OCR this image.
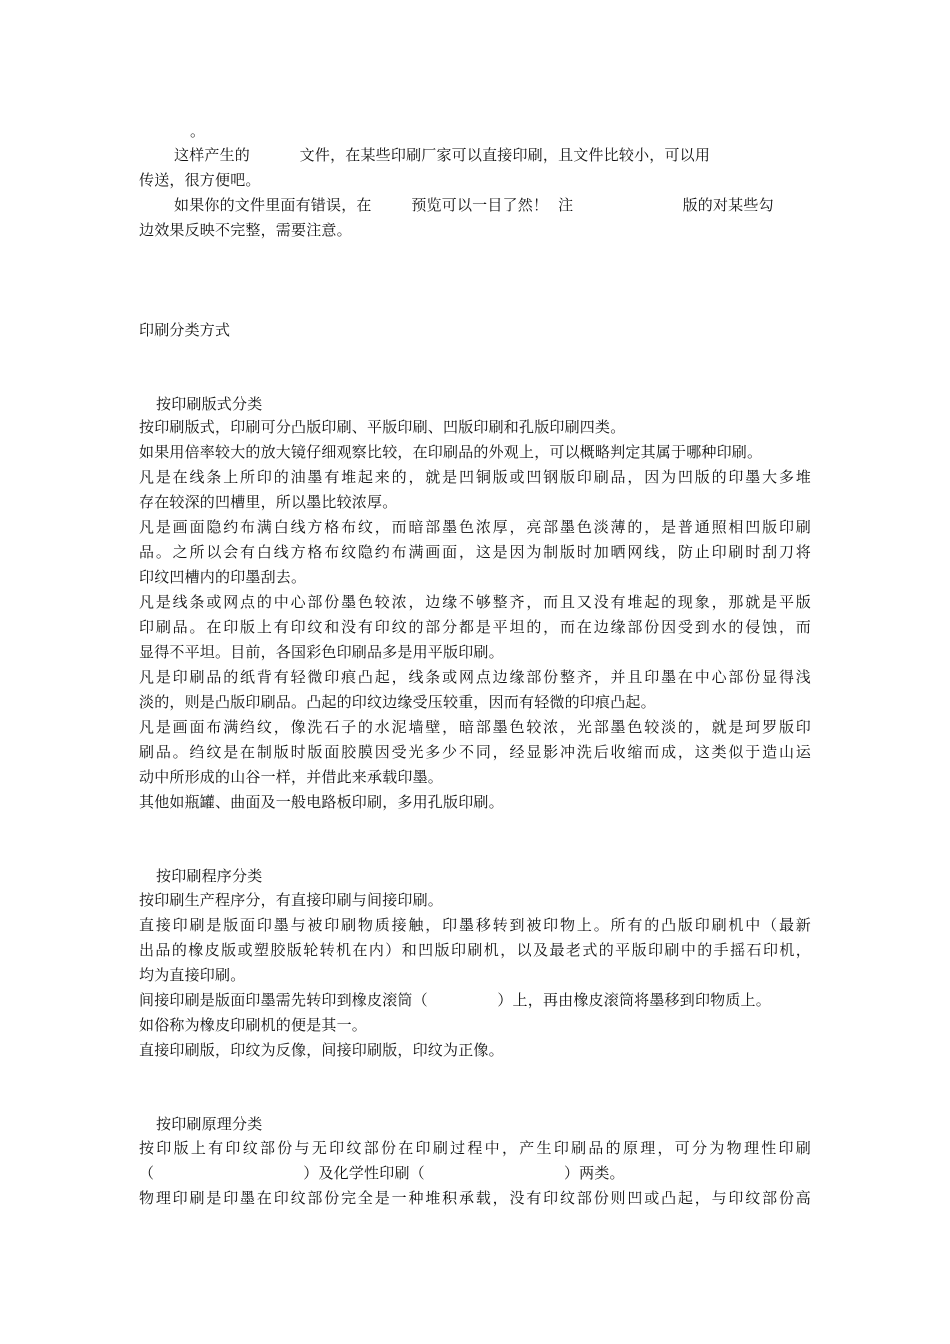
。
这样产生的          文件，在某些印刷厂家可以直接印刷，且文件比较小，可以用
传送，很方便吧。
如果你的文件里面有错误，在        预览可以一目了然！  注                      版的对某些勾
边效果反映不完整，需要注意。
印刷分类方式
按印刷版式分类
按印刷版式，印刷可分凸版印刷、平版印刷、凹版印刷和孔版印刷四类。
如果用倍率较大的放大镜仔细观察比较，在印刷品的外观上，可以概略判定其属于哪种印刷。
凡是在线条上所印的油墨有堆起来的，就是凹铜版或凹钢版印刷品，因为凹版的印墨大多堆
存在较深的凹槽里，所以墨比较浓厚。
凡是画面隐约布满白线方格布纹，而暗部墨色浓厚，亮部墨色淡薄的，是普通照相凹版印刷
品。之所以会有白线方格布纹隐约布满画面，这是因为制版时加晒网线，防止印刷时刮刀将
印纹凹槽内的印墨刮去。
凡是线条或网点的中心部份墨色较浓，边缘不够整齐，而且又没有堆起的现象，那就是平版
印刷品。在印版上有印纹和没有印纹的部分都是平坦的，而在边缘部份因受到水的侵蚀，而
显得不平坦。目前，各国彩色印刷品多是用平版印刷。
凡是印刷品的纸背有轻微印痕凸起，线条或网点边缘部份整齐，并且印墨在中心部份显得浅
淡的，则是凸版印刷品。凸起的印纹边缘受压较重，因而有轻微的印痕凸起。
凡是画面布满绉纹，像洗石子的水泥墙壁，暗部墨色较浓，光部墨色较淡的，就是珂罗版印
刷品。绉纹是在制版时版面胶膜因受光多少不同，经显影冲洗后收缩而成，这类似于造山运
动中所形成的山谷一样，并借此来承载印墨。
其他如瓶罐、曲面及一般电路板印刷，多用孔版印刷。
按印刷程序分类
按印刷生产程序分，有直接印刷与间接印刷。
直接印刷是版面印墨与被印刷物质接触，印墨移转到被印物上。所有的凸版印刷机中（最新
出品的橡皮版或塑胶版轮转机在内）和凹版印刷机，以及最老式的平版印刷中的手摇石印机，
均为直接印刷。
间接印刷是版面印墨需先转印到橡皮滚筒（              ）上，再由橡皮滚筒将墨移到印物质上。
如俗称为橡皮印刷机的便是其一。
直接印刷版，印纹为反像，间接印刷版，印纹为正像。
按印刷原理分类
按印版上有印纹部份与无印纹部份在印刷过程中，产生印刷品的原理，可分为物理性印刷
（                              ）及化学性印刷（                            ）两类。
物理印刷是印墨在印纹部份完全是一种堆积承载，没有印纹部份则凹或凸起，与印纹部份高
